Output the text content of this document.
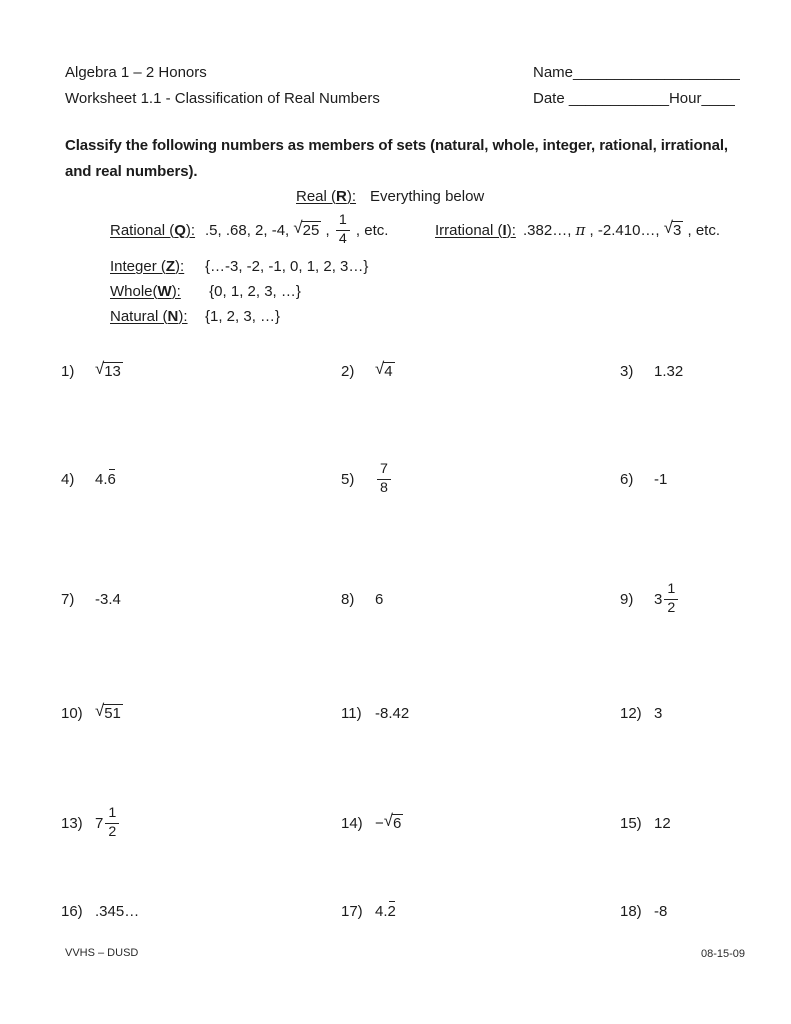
Algebra 1 – 2 Honors
Worksheet 1.1 - Classification of Real Numbers
Name____________________
Date ____________Hour____
Classify the following numbers as members of sets (natural, whole, integer, rational, irrational,
and real numbers).
Real (R): Everything below
Rational (Q): .5, .68, 2, -4, √ 25 , $\frac{1}{4}$ , etc.	Irrational (I): .382…, π , -2.410…, √ 3 , etc.
Integer (Z):	{…-3, -2, -1, 0, 1, 2, 3…}
Whole(W):	{0, 1, 2, 3, …}
Natural (N):	{1, 2, 3, …}
1)	√ 13	2)	√ 4	3)	1.32
4)	4. 6	5)	$\frac{7}{8}$	6)	-1
7)	-3.4	8)	6	9)	$3 \frac{1}{2}$
10) √ 51	11) -8.42	12) 3
13) $7 \frac{1}{2}$	14) − √ 6	15) 12
16) .345…	17) 4. 2	18) -8
VVHS – DUSD	08-15-09
